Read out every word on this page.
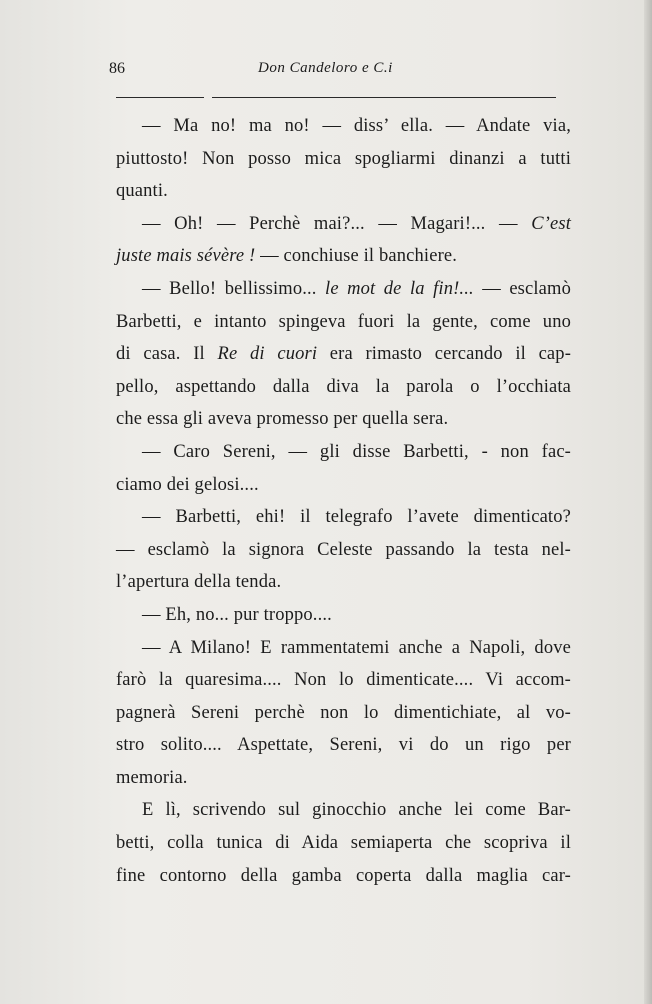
86	Don Candeloro e C.i
— Ma no! ma no! — diss’ ella. — Andate via,
piuttosto! Non posso mica spogliarmi dinanzi a tutti
quanti.
— Oh! — Perchè mai?... — Magari!... — C’est
juste mais sévère ! — conchiuse il banchiere.
— Bello! bellissimo... le mot de la fin!... — esclamò
Barbetti, e intanto spingeva fuori la gente, come uno
di casa. Il Re di cuori era rimasto cercando il cap-
pello, aspettando dalla diva la parola o l’occhiata
che essa gli aveva promesso per quella sera.
— Caro Sereni, — gli disse Barbetti, - non fac-
ciamo dei gelosi....
— Barbetti, ehi! il telegrafo l’avete dimenticato?
— esclamò la signora Celeste passando la testa nel-
l’apertura della tenda.
— Eh, no... pur troppo....
— A Milano! E rammentatemi anche a Napoli, dove
farò la quaresima.... Non lo dimenticate.... Vi accom-
pagnerà Sereni perchè non lo dimentichiate, al vo-
stro solito.... Aspettate, Sereni, vi do un rigo per
memoria.
E lì, scrivendo sul ginocchio anche lei come Bar-
betti, colla tunica di Aida semiaperta che scopriva il
fine contorno della gamba coperta dalla maglia car-
